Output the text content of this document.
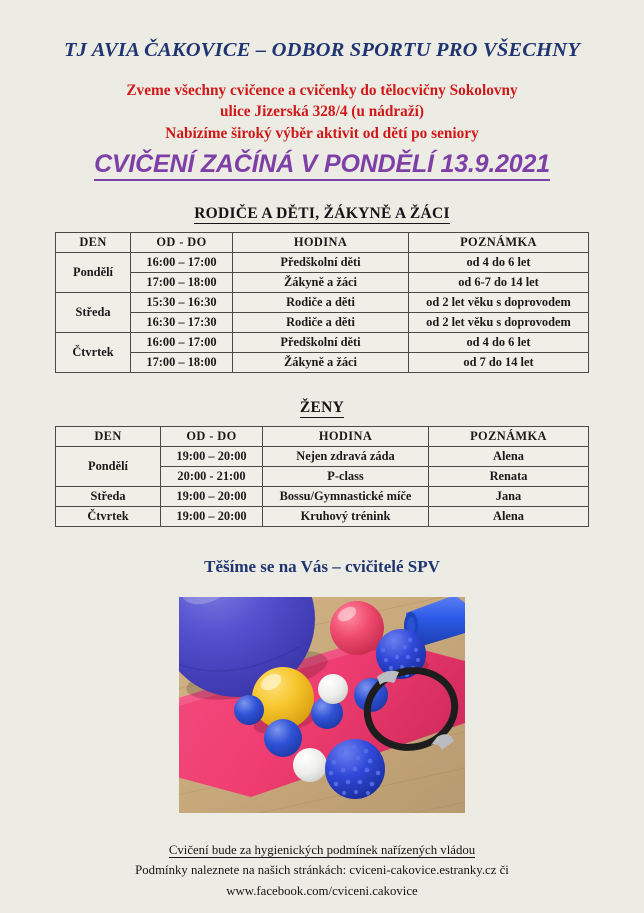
TJ AVIA ČAKOVICE – ODBOR SPORTU PRO VŠECHNY
Zveme všechny cvičence a cvičenky do tělocvičny Sokolovny
ulice Jizerská 328/4 (u nádraží)
Nabízíme široký výběr aktivit od dětí po seniory
CVIČENÍ ZAČÍNÁ V PONDĚLÍ 13.9.2021
RODIČE A DĚTI, ŽÁKYNĚ A ŽÁCI
DEN	OD - DO	HODINA	POZNÁMKA
Pondělí	16:00 – 17:00	Předškolní děti	od 4 do 6 let
	17:00 – 18:00	Žákyně a žáci	od 6-7 do 14 let
Středa	15:30 – 16:30	Rodiče a děti	od 2 let věku s doprovodem
	16:30 – 17:30	Rodiče a děti	od 2 let věku s doprovodem
Čtvrtek	16:00 – 17:00	Předškolní děti	od 4 do 6 let
	17:00 – 18:00	Žákyně a žáci	od 7 do 14 let
ŽENY
DEN	OD - DO	HODINA	POZNÁMKA
Pondělí	19:00 – 20:00	Nejen zdravá záda	Alena
	20:00 - 21:00	P-class	Renata
Středa	19:00 – 20:00	Bossu/Gymnastické míče	Jana
Čtvrtek	19:00 – 20:00	Kruhový trénink	Alena
Těšíme se na Vás – cvičitelé SPV
Cvičení bude za hygienických podmínek nařízených vládou
Podmínky naleznete na našich stránkách: cviceni-cakovice.estranky.cz či
www.facebook.com/cviceni.cakovice
